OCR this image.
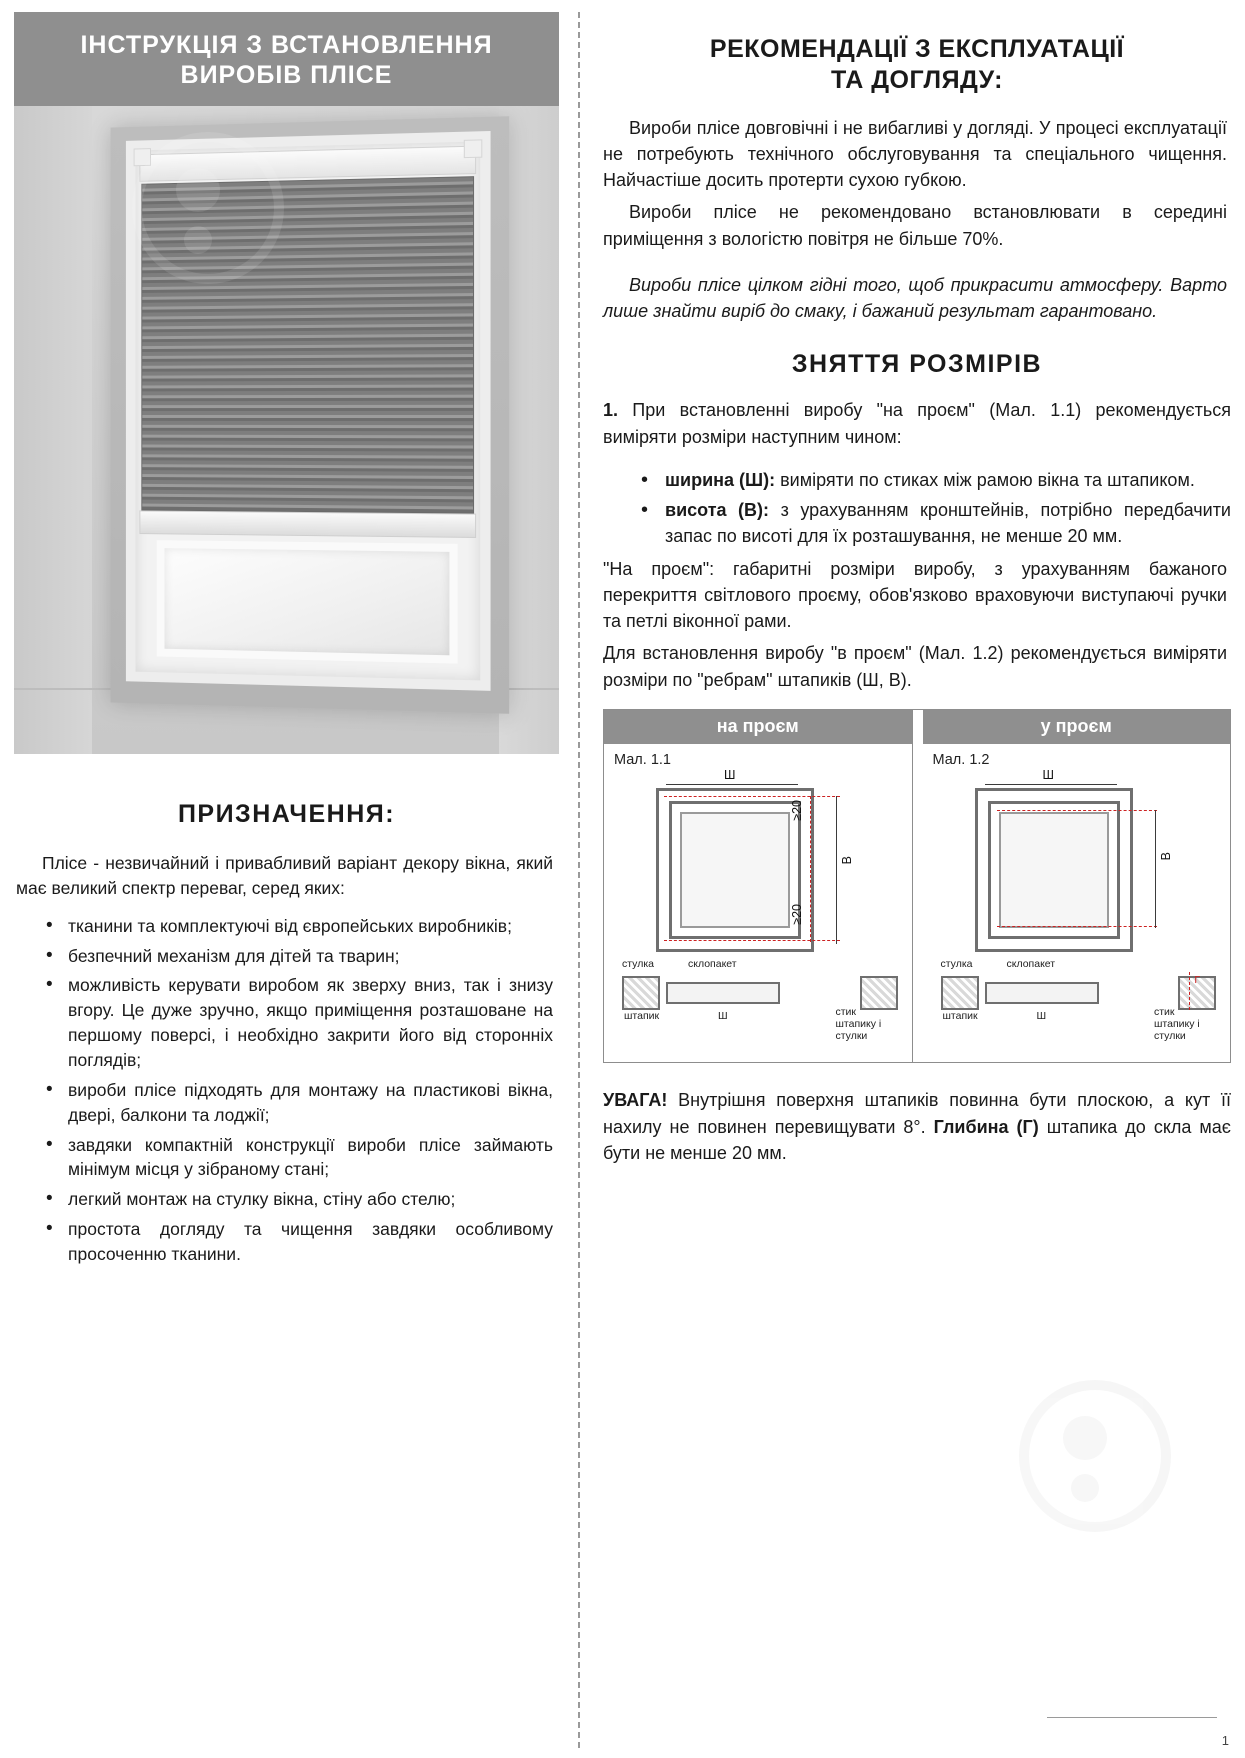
ІНСТРУКЦІЯ З ВСТАНОВЛЕННЯ
ВИРОБІВ ПЛІСЕ
ПРИЗНАЧЕННЯ:

Пліcе - незвичайний і привабливий варіант декору вікна, який має великий спектр переваг, серед яких:

• тканини та комплектуючі від європейських виробників;
• безпечний механізм для дітей та тварин;
• можливість керувати виробом як зверху вниз, так і знизу вгору. Це дуже зручно, якщо приміщення розташоване на першому поверсі, і необхідно закрити його від сторонніх поглядів;
• вироби пліcе підходять для монтажу на пластикові вікна, двері, балкони та лоджії;
• завдяки компактній конструкції вироби пліcе займають мінімум місця у зібраному стані;
• легкий монтаж на стулку вікна, стіну або стелю;
• простота догляду та чищення завдяки особливому просоченню тканини.
РЕКОМЕНДАЦІЇ З ЕКСПЛУАТАЦІЇ
ТА ДОГЛЯДУ:

Вироби пліcе довговічні і не вибагливі у догляді. У процесі експлуатації не потребують технічного обслуговування та спеціального чищення. Найчастіше досить протерти сухою губкою.

Вироби пліcе не рекомендовано встановлювати в середині приміщення з вологістю повітря не більше 70%.

Вироби пліcе цілком гідні того, щоб прикрасити атмосферу. Варто лише знайти виріб до смаку, і бажаний результат гарантовано.

ЗНЯТТЯ РОЗМІРІВ

1. При встановленні виробу "на проєм" (Мал. 1.1) рекомендується виміряти розміри наступним чином:

• ширина (Ш): виміряти по стиках між рамою вікна та штапиком.
• висота (В): з урахуванням кронштейнів, потрібно передбачити запас по висоті для їх розташування, не менше 20 мм.

"На проєм": габаритні розміри виробу, з урахуванням бажаного перекриття світлового проєму, обов'язково враховуючи виступаючі ручки та петлі віконної рами.

Для встановлення виробу "в проєм" (Мал. 1.2) рекомендується виміряти розміри по "ребрам" штапиків (Ш, В).

на проєм
Мал. 1.1
Ш
≥20
≥20
В
стулка	склопакет
штапик	Ш	стик штапику і стулки
у проєм
Мал. 1.2
Ш
В
Г
стулка	склопакет
штапик	Ш	стик штапику і стулки

УВАГА! Внутрішня поверхня штапиків повинна бути плоскою, а кут її нахилу не повинен перевищувати 8°. Глибина (Г) штапика до скла має бути не менше 20 мм.

1
